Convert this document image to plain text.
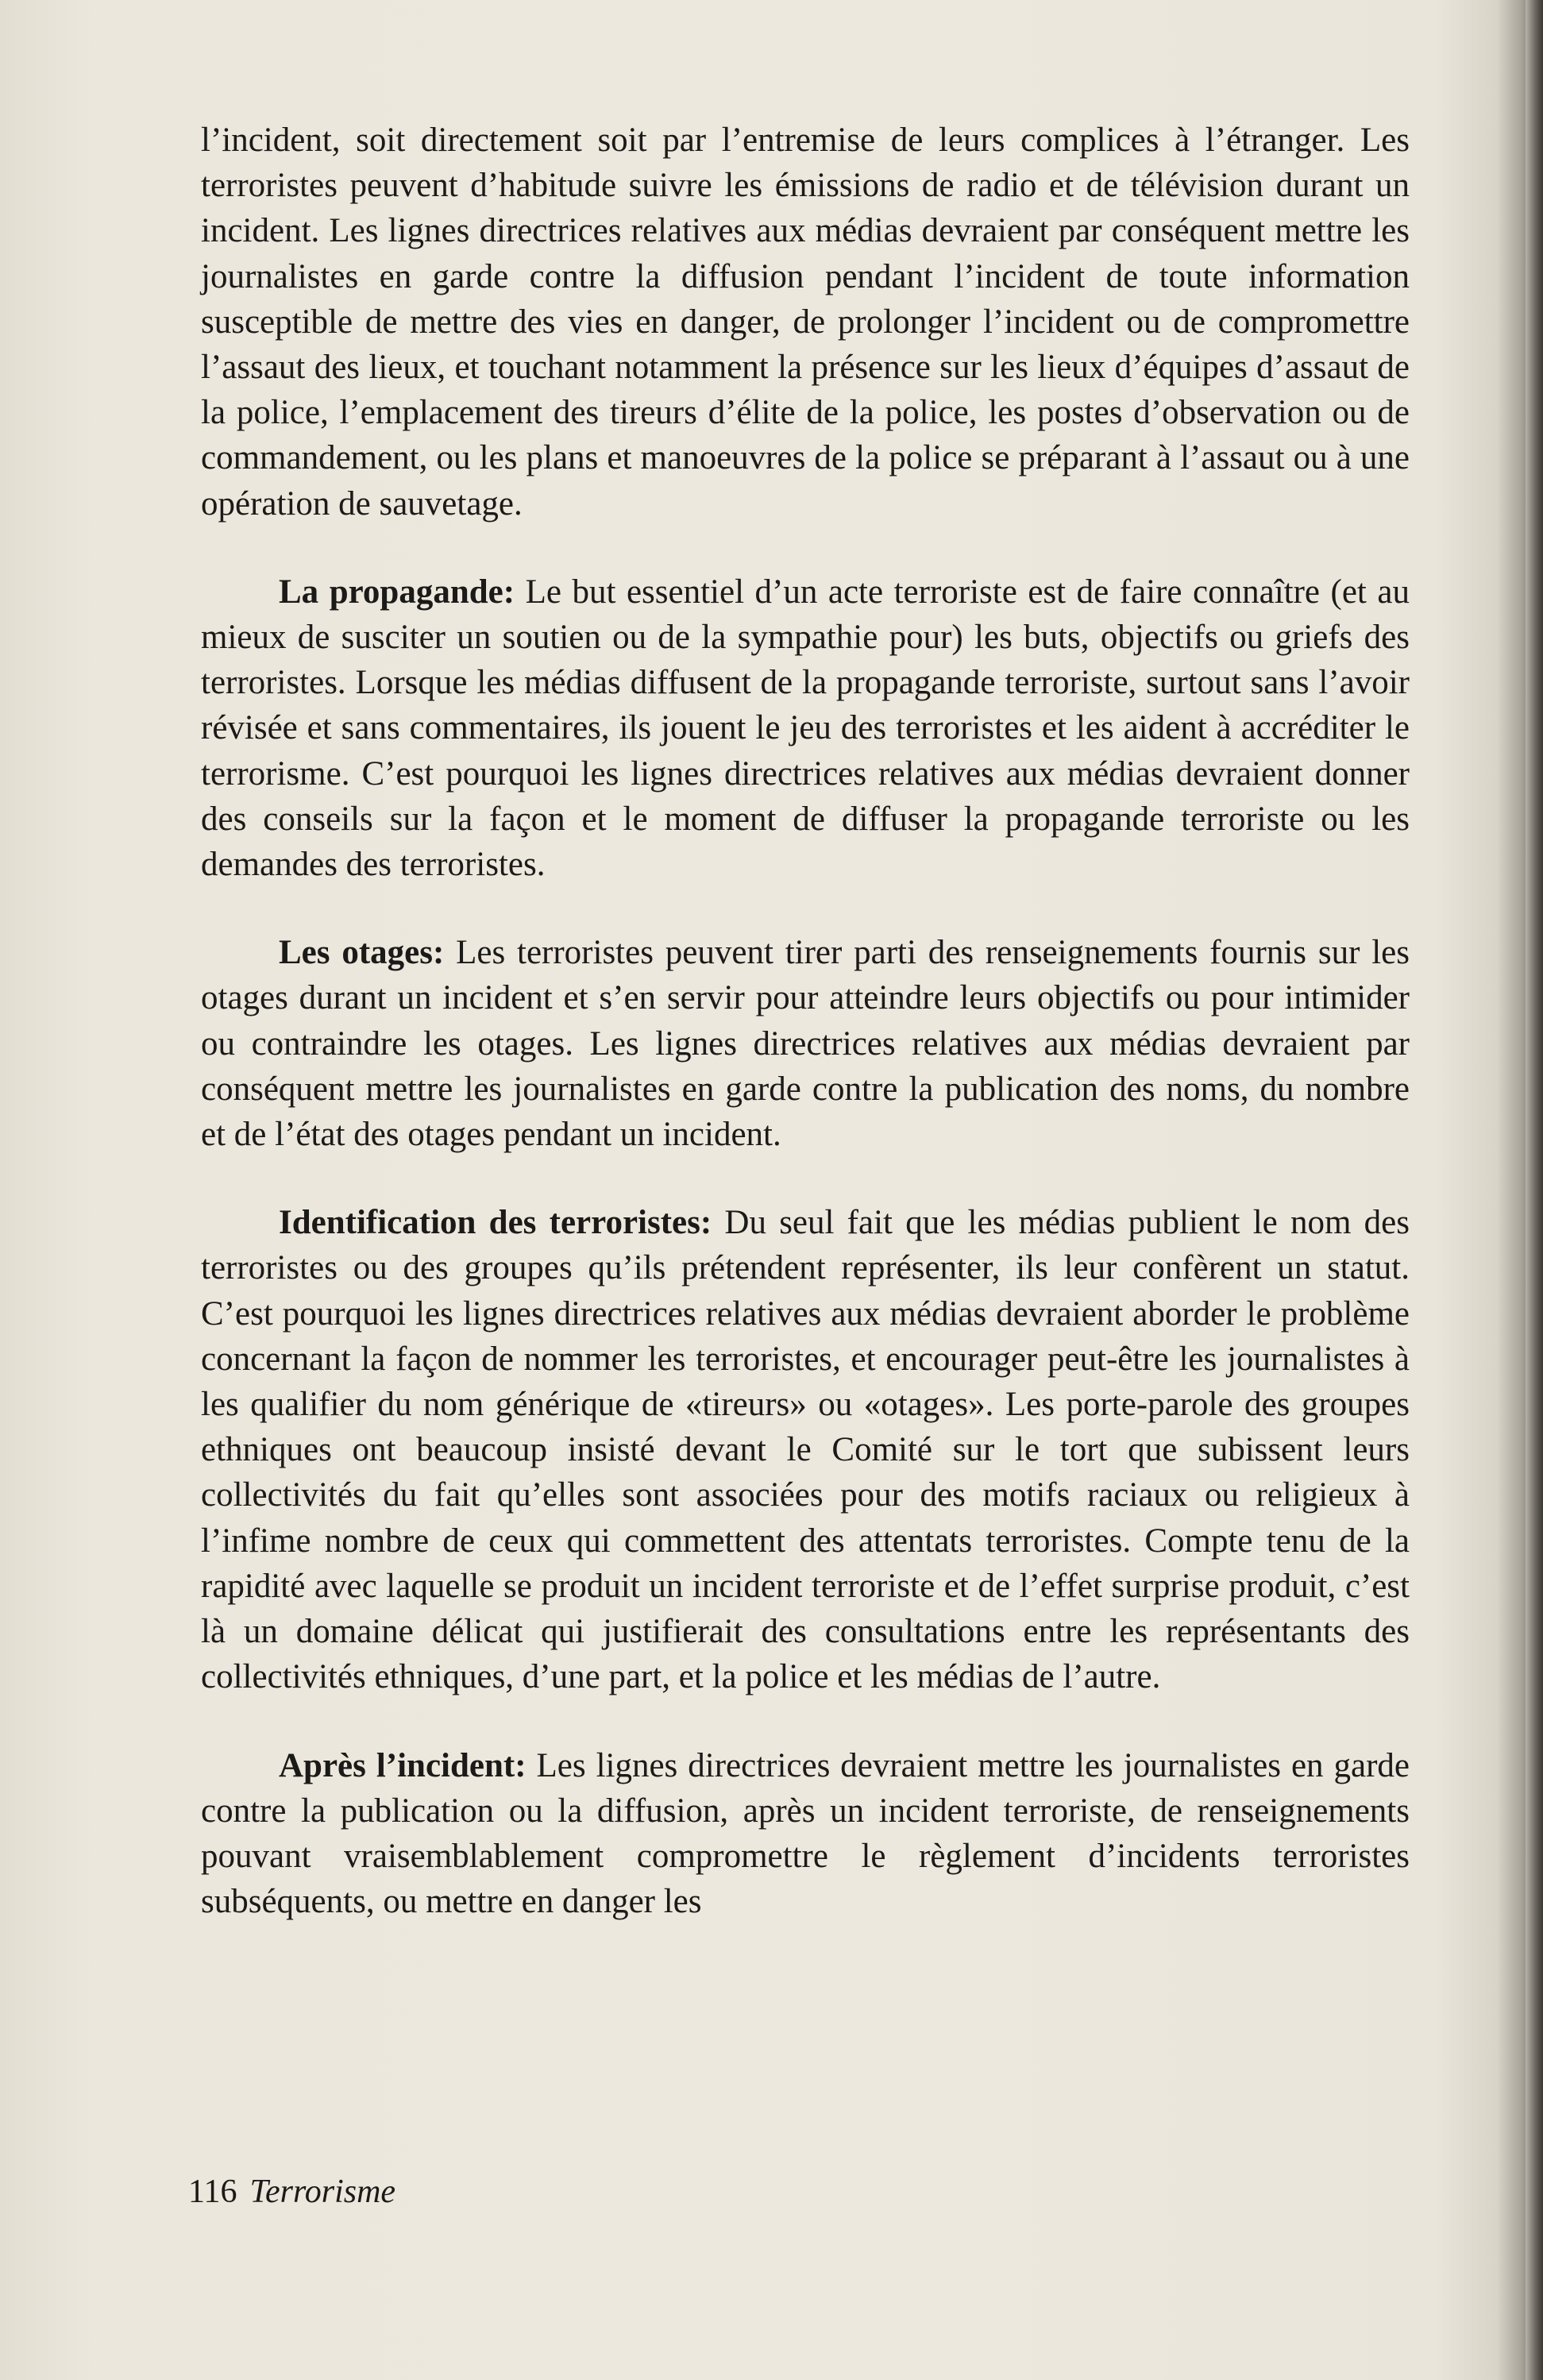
l’incident, soit directement soit par l’entremise de leurs complices à l’étranger. Les terroristes peuvent d’habitude suivre les émissions de radio et de télévision durant un incident. Les lignes directrices relatives aux médias devraient par conséquent mettre les journalistes en garde contre la diffusion pendant l’incident de toute information susceptible de mettre des vies en danger, de prolonger l’incident ou de compromettre l’assaut des lieux, et touchant notamment la présence sur les lieux d’équipes d’assaut de la police, l’emplacement des tireurs d’élite de la police, les postes d’observation ou de commandement, ou les plans et manoeuvres de la police se préparant à l’assaut ou à une opération de sauvetage.

La propagande: Le but essentiel d’un acte terroriste est de faire connaître (et au mieux de susciter un soutien ou de la sympathie pour) les buts, objectifs ou griefs des terroristes. Lorsque les médias diffusent de la propagande terroriste, surtout sans l’avoir révisée et sans commentaires, ils jouent le jeu des terroristes et les aident à accréditer le terrorisme. C’est pourquoi les lignes directrices relatives aux médias devraient donner des conseils sur la façon et le moment de diffuser la propagande terroriste ou les demandes des terroristes.

Les otages: Les terroristes peuvent tirer parti des renseignements fournis sur les otages durant un incident et s’en servir pour atteindre leurs objectifs ou pour intimider ou contraindre les otages. Les lignes directrices relatives aux médias devraient par conséquent mettre les journalistes en garde contre la publication des noms, du nombre et de l’état des otages pendant un incident.

Identification des terroristes: Du seul fait que les médias publient le nom des terroristes ou des groupes qu’ils prétendent représenter, ils leur confèrent un statut. C’est pourquoi les lignes directrices relatives aux médias devraient aborder le problème concernant la façon de nommer les terroristes, et encourager peut-être les journalistes à les qualifier du nom générique de «tireurs» ou «otages». Les porte-parole des groupes ethniques ont beaucoup insisté devant le Comité sur le tort que subissent leurs collectivités du fait qu’elles sont associées pour des motifs raciaux ou religieux à l’infime nombre de ceux qui commettent des attentats terroristes. Compte tenu de la rapidité avec laquelle se produit un incident terroriste et de l’effet surprise produit, c’est là un domaine délicat qui justifierait des consultations entre les représentants des collectivités ethniques, d’une part, et la police et les médias de l’autre.

Après l’incident: Les lignes directrices devraient mettre les journalistes en garde contre la publication ou la diffusion, après un incident terroriste, de renseignements pouvant vraisemblablement compromettre le règlement d’incidents terroristes subséquents, ou mettre en danger les

116 Terrorisme
